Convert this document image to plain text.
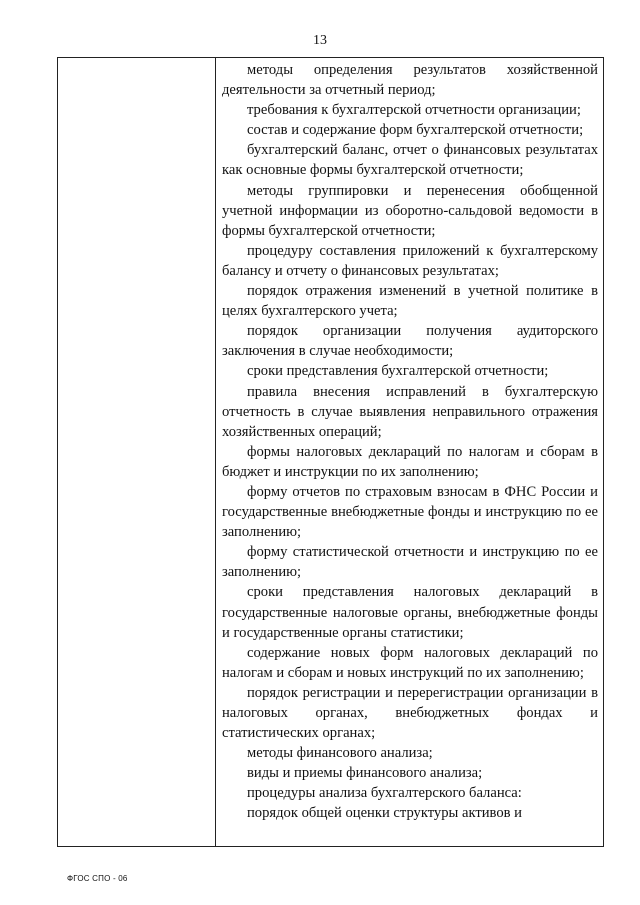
13

методы определения результатов хозяйственной деятельности за отчетный период;

требования к бухгалтерской отчетности организации;

состав и содержание форм бухгалтерской отчетности;

бухгалтерский баланс, отчет о финансовых результатах как основные формы бухгалтерской отчетности;

методы группировки и перенесения обобщенной учетной информации из оборотно-сальдовой ведомости в формы бухгалтерской отчетности;

процедуру составления приложений к бухгалтерскому балансу и отчету о финансовых результатах;

порядок отражения изменений в учетной политике в целях бухгалтерского учета;

порядок организации получения аудиторского заключения в случае необходимости;

сроки представления бухгалтерской отчетности;

правила внесения исправлений в бухгалтерскую отчетность в случае выявления неправильного отражения хозяйственных операций;

формы налоговых деклараций по налогам и сборам в бюджет и инструкции по их заполнению;

форму отчетов по страховым взносам в ФНС России и государственные внебюджетные фонды и инструкцию по ее заполнению;

форму статистической отчетности и инструкцию по ее заполнению;

сроки представления налоговых деклараций в государственные налоговые органы, внебюджетные фонды и государственные органы статистики;

содержание новых форм налоговых деклараций по налогам и сборам и новых инструкций по их заполнению;

порядок регистрации и перерегистрации организации в налоговых органах, внебюджетных фондах и статистических органах;

методы финансового анализа;

виды и приемы финансового анализа;

процедуры анализа бухгалтерского баланса:

порядок общей оценки структуры активов и

ФГОС СПО - 06
